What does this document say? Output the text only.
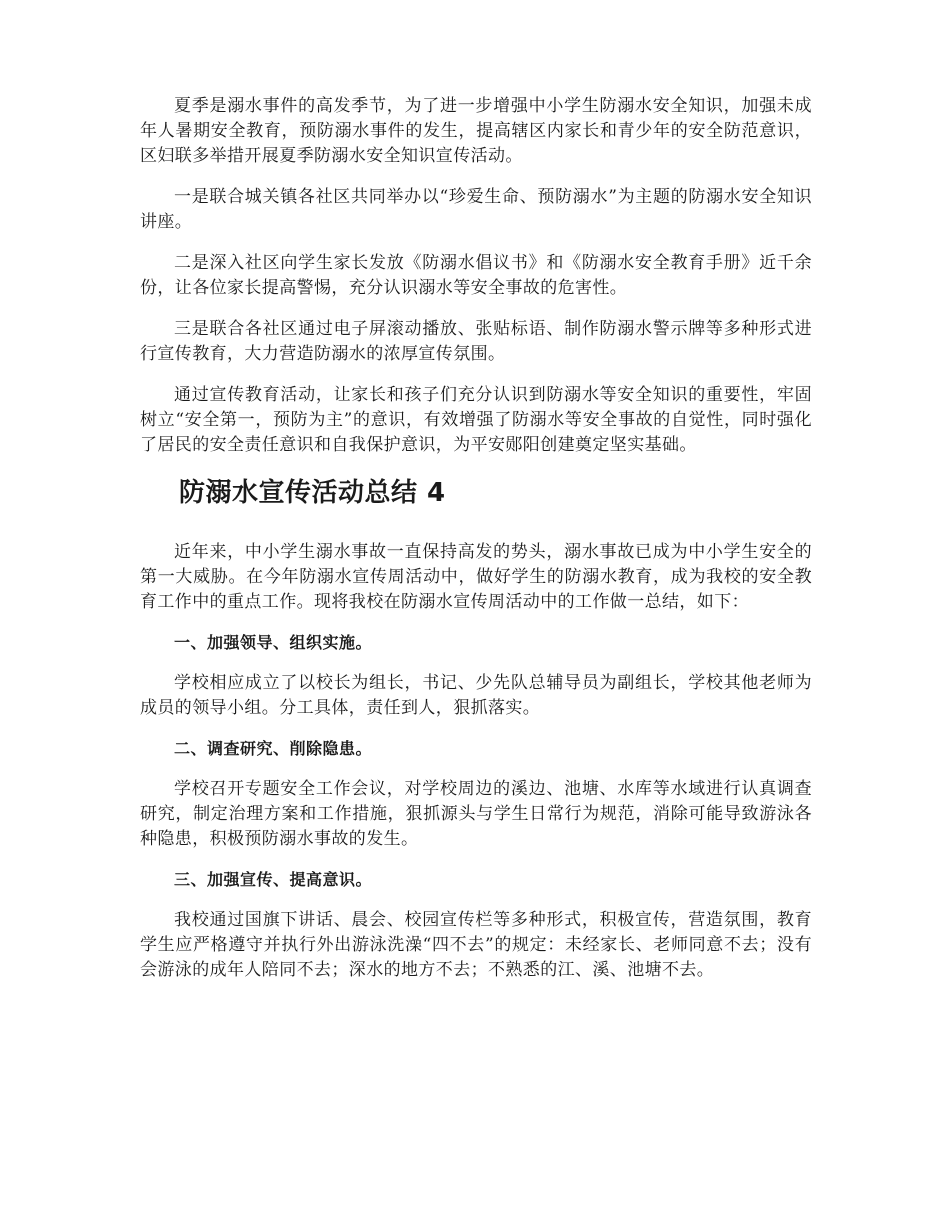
夏季是溺水事件的高发季节，为了进一步增强中小学生防溺水安全知识，加强未成年人暑期安全教育，预防溺水事件的发生，提高辖区内家长和青少年的安全防范意识，区妇联多举措开展夏季防溺水安全知识宣传活动。

一是联合城关镇各社区共同举办以“珍爱生命、预防溺水”为主题的防溺水安全知识讲座。

二是深入社区向学生家长发放《防溺水倡议书》和《防溺水安全教育手册》近千余份，让各位家长提高警惕，充分认识溺水等安全事故的危害性。

三是联合各社区通过电子屏滚动播放、张贴标语、制作防溺水警示牌等多种形式进行宣传教育，大力营造防溺水的浓厚宣传氛围。

通过宣传教育活动，让家长和孩子们充分认识到防溺水等安全知识的重要性，牢固树立“安全第一，预防为主”的意识，有效增强了防溺水等安全事故的自觉性，同时强化了居民的安全责任意识和自我保护意识，为平安郧阳创建奠定坚实基础。

防溺水宣传活动总结 4

近年来，中小学生溺水事故一直保持高发的势头，溺水事故已成为中小学生安全的第一大威胁。在今年防溺水宣传周活动中，做好学生的防溺水教育，成为我校的安全教育工作中的重点工作。现将我校在防溺水宣传周活动中的工作做一总结，如下：

一、加强领导、组织实施。

学校相应成立了以校长为组长，书记、少先队总辅导员为副组长，学校其他老师为成员的领导小组。分工具体，责任到人，狠抓落实。

二、调查研究、削除隐患。

学校召开专题安全工作会议，对学校周边的溪边、池塘、水库等水域进行认真调查研究，制定治理方案和工作措施，狠抓源头与学生日常行为规范，消除可能导致游泳各种隐患，积极预防溺水事故的发生。

三、加强宣传、提高意识。

我校通过国旗下讲话、晨会、校园宣传栏等多种形式，积极宣传，营造氛围，教育学生应严格遵守并执行外出游泳洗澡“四不去”的规定：未经家长、老师同意不去；没有会游泳的成年人陪同不去；深水的地方不去；不熟悉的江、溪、池塘不去。
